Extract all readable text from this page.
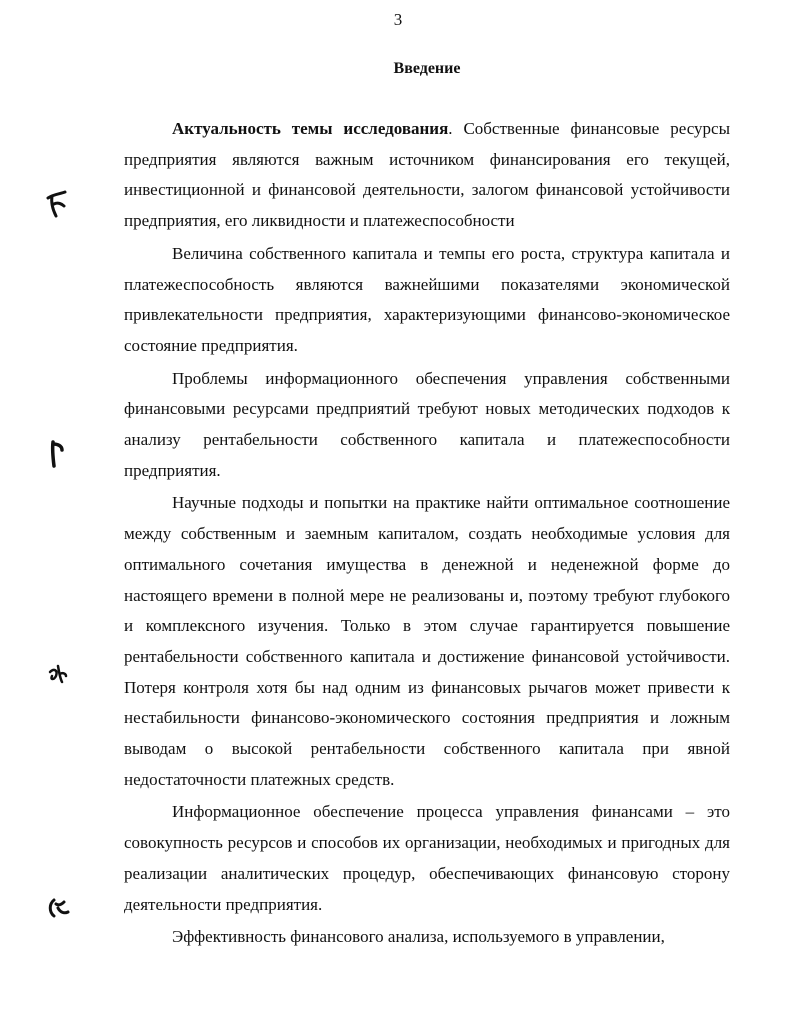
3
Введение

Актуальность темы исследования. Собственные финансовые ресурсы предприятия являются важным источником финансирования его текущей, инвестиционной и финансовой деятельности, залогом финансовой устойчивости предприятия, его ликвидности и платежеспособности

Величина собственного капитала и темпы его роста, структура капитала и платежеспособность являются важнейшими показателями экономической привлекательности предприятия, характеризующими финансово-экономическое состояние предприятия.

Проблемы информационного обеспечения управления собственными финансовыми ресурсами предприятий требуют новых методических подходов к анализу рентабельности собственного капитала и платежеспособности предприятия.

Научные подходы и попытки на практике найти оптимальное соотношение между собственным и заемным капиталом, создать необходимые условия для оптимального сочетания имущества в денежной и неденежной форме до настоящего времени в полной мере не реализованы и, поэтому требуют глубокого и комплексного изучения. Только в этом случае гарантируется повышение рентабельности собственного капитала и достижение финансовой устойчивости. Потеря контроля хотя бы над одним из финансовых рычагов может привести к нестабильности финансово-экономического состояния предприятия и ложным выводам о высокой рентабельности собственного капитала при явной недостаточности платежных средств.

Информационное обеспечение процесса управления финансами – это совокупность ресурсов и способов их организации, необходимых и пригодных для реализации аналитических процедур, обеспечивающих финансовую сторону деятельности предприятия.

Эффективность финансового анализа, используемого в управлении,
